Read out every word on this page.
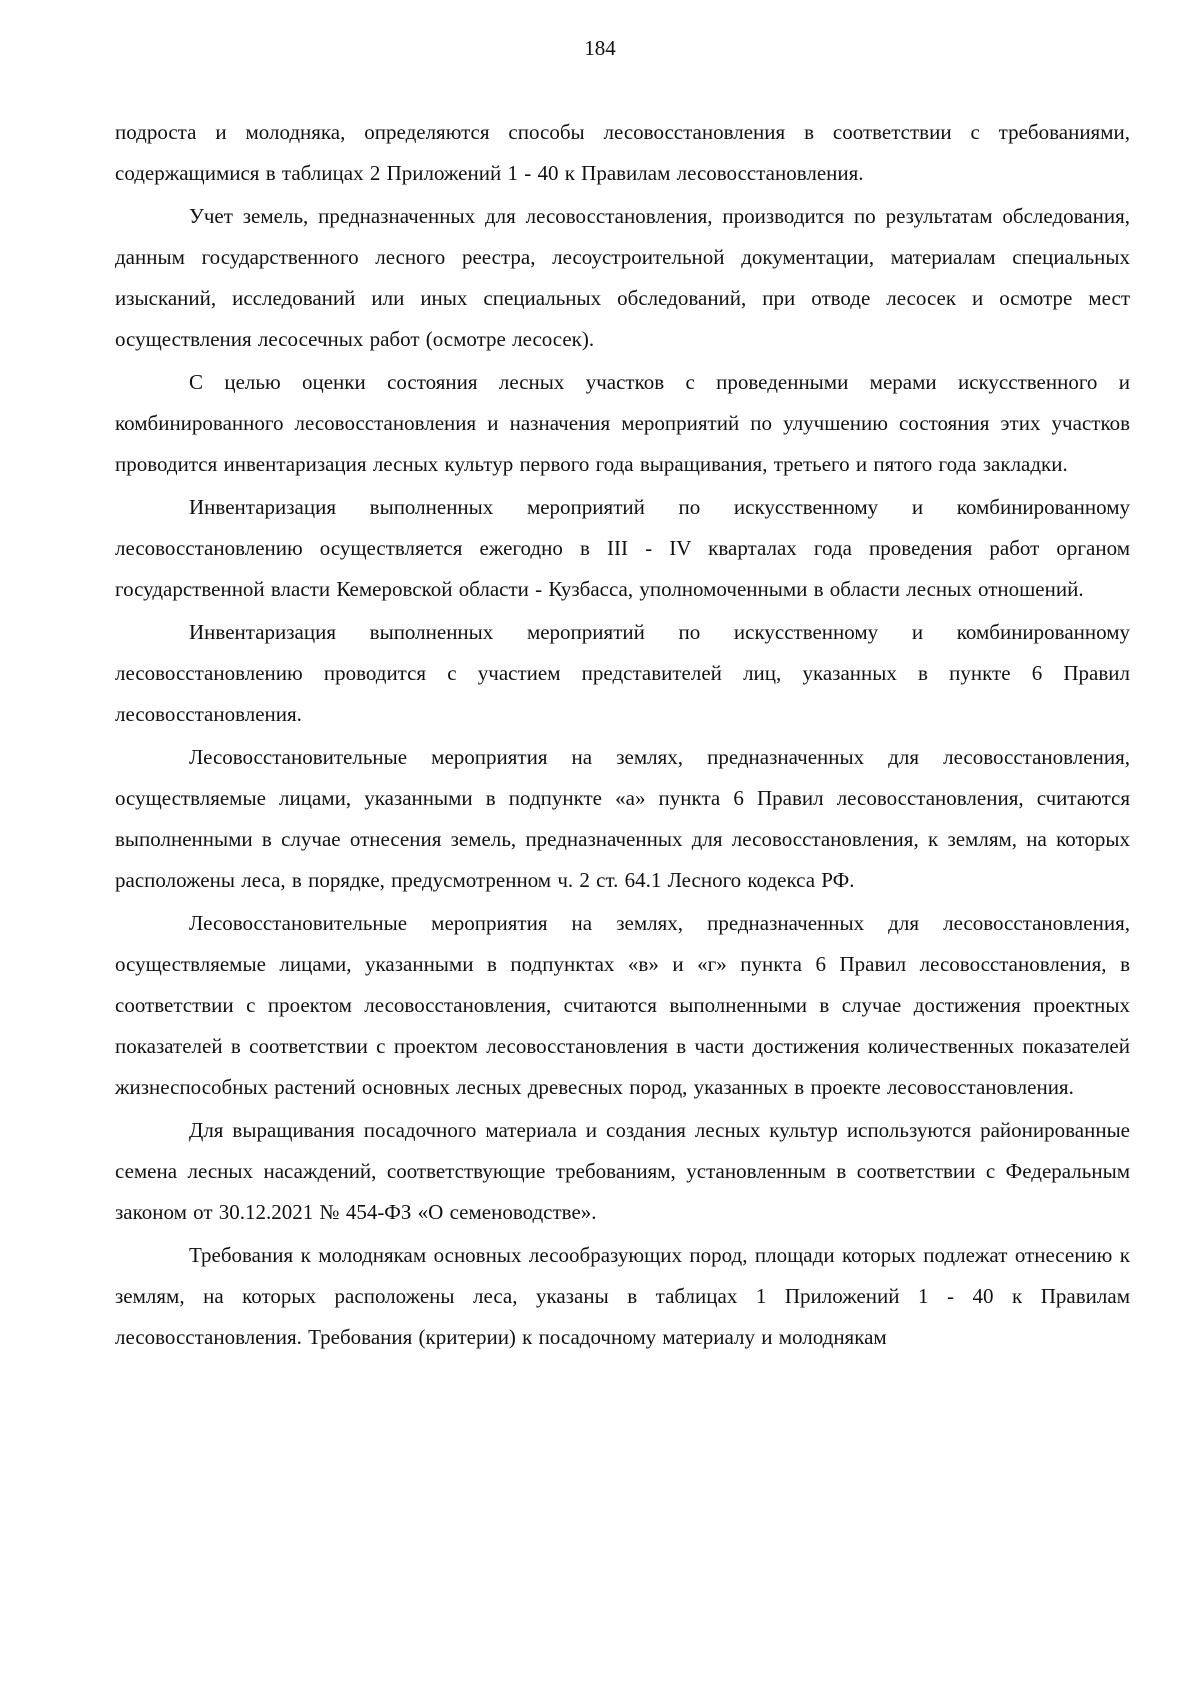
184

подроста и молодняка, определяются способы лесовосстановления в соответствии с требованиями, содержащимися в таблицах 2 Приложений 1 - 40 к Правилам лесовосстановления.

Учет земель, предназначенных для лесовосстановления, производится по результатам обследования, данным государственного лесного реестра, лесоустроительной документации, материалам специальных изысканий, исследований или иных специальных обследований, при отводе лесосек и осмотре мест осуществления лесосечных работ (осмотре лесосек).

С целью оценки состояния лесных участков с проведенными мерами искусственного и комбинированного лесовосстановления и назначения мероприятий по улучшению состояния этих участков проводится инвентаризация лесных культур первого года выращивания, третьего и пятого года закладки.

Инвентаризация выполненных мероприятий по искусственному и комбинированному лесовосстановлению осуществляется ежегодно в III - IV кварталах года проведения работ органом государственной власти Кемеровской области - Кузбасса, уполномоченными в области лесных отношений.

Инвентаризация выполненных мероприятий по искусственному и комбинированному лесовосстановлению проводится с участием представителей лиц, указанных в пункте 6 Правил лесовосстановления.

Лесовосстановительные мероприятия на землях, предназначенных для лесовосстановления, осуществляемые лицами, указанными в подпункте «а» пункта 6 Правил лесовосстановления, считаются выполненными в случае отнесения земель, предназначенных для лесовосстановления, к землям, на которых расположены леса, в порядке, предусмотренном ч. 2 ст. 64.1 Лесного кодекса РФ.

Лесовосстановительные мероприятия на землях, предназначенных для лесовосстановления, осуществляемые лицами, указанными в подпунктах «в» и «г» пункта 6 Правил лесовосстановления, в соответствии с проектом лесовосстановления, считаются выполненными в случае достижения проектных показателей в соответствии с проектом лесовосстановления в части достижения количественных показателей жизнеспособных растений основных лесных древесных пород, указанных в проекте лесовосстановления.

Для выращивания посадочного материала и создания лесных культур используются районированные семена лесных насаждений, соответствующие требованиям, установленным в соответствии с Федеральным законом от 30.12.2021 № 454-ФЗ «О семеноводстве».

Требования к молоднякам основных лесообразующих пород, площади которых подлежат отнесению к землям, на которых расположены леса, указаны в таблицах 1 Приложений 1 - 40 к Правилам лесовосстановления. Требования (критерии) к посадочному материалу и молоднякам
